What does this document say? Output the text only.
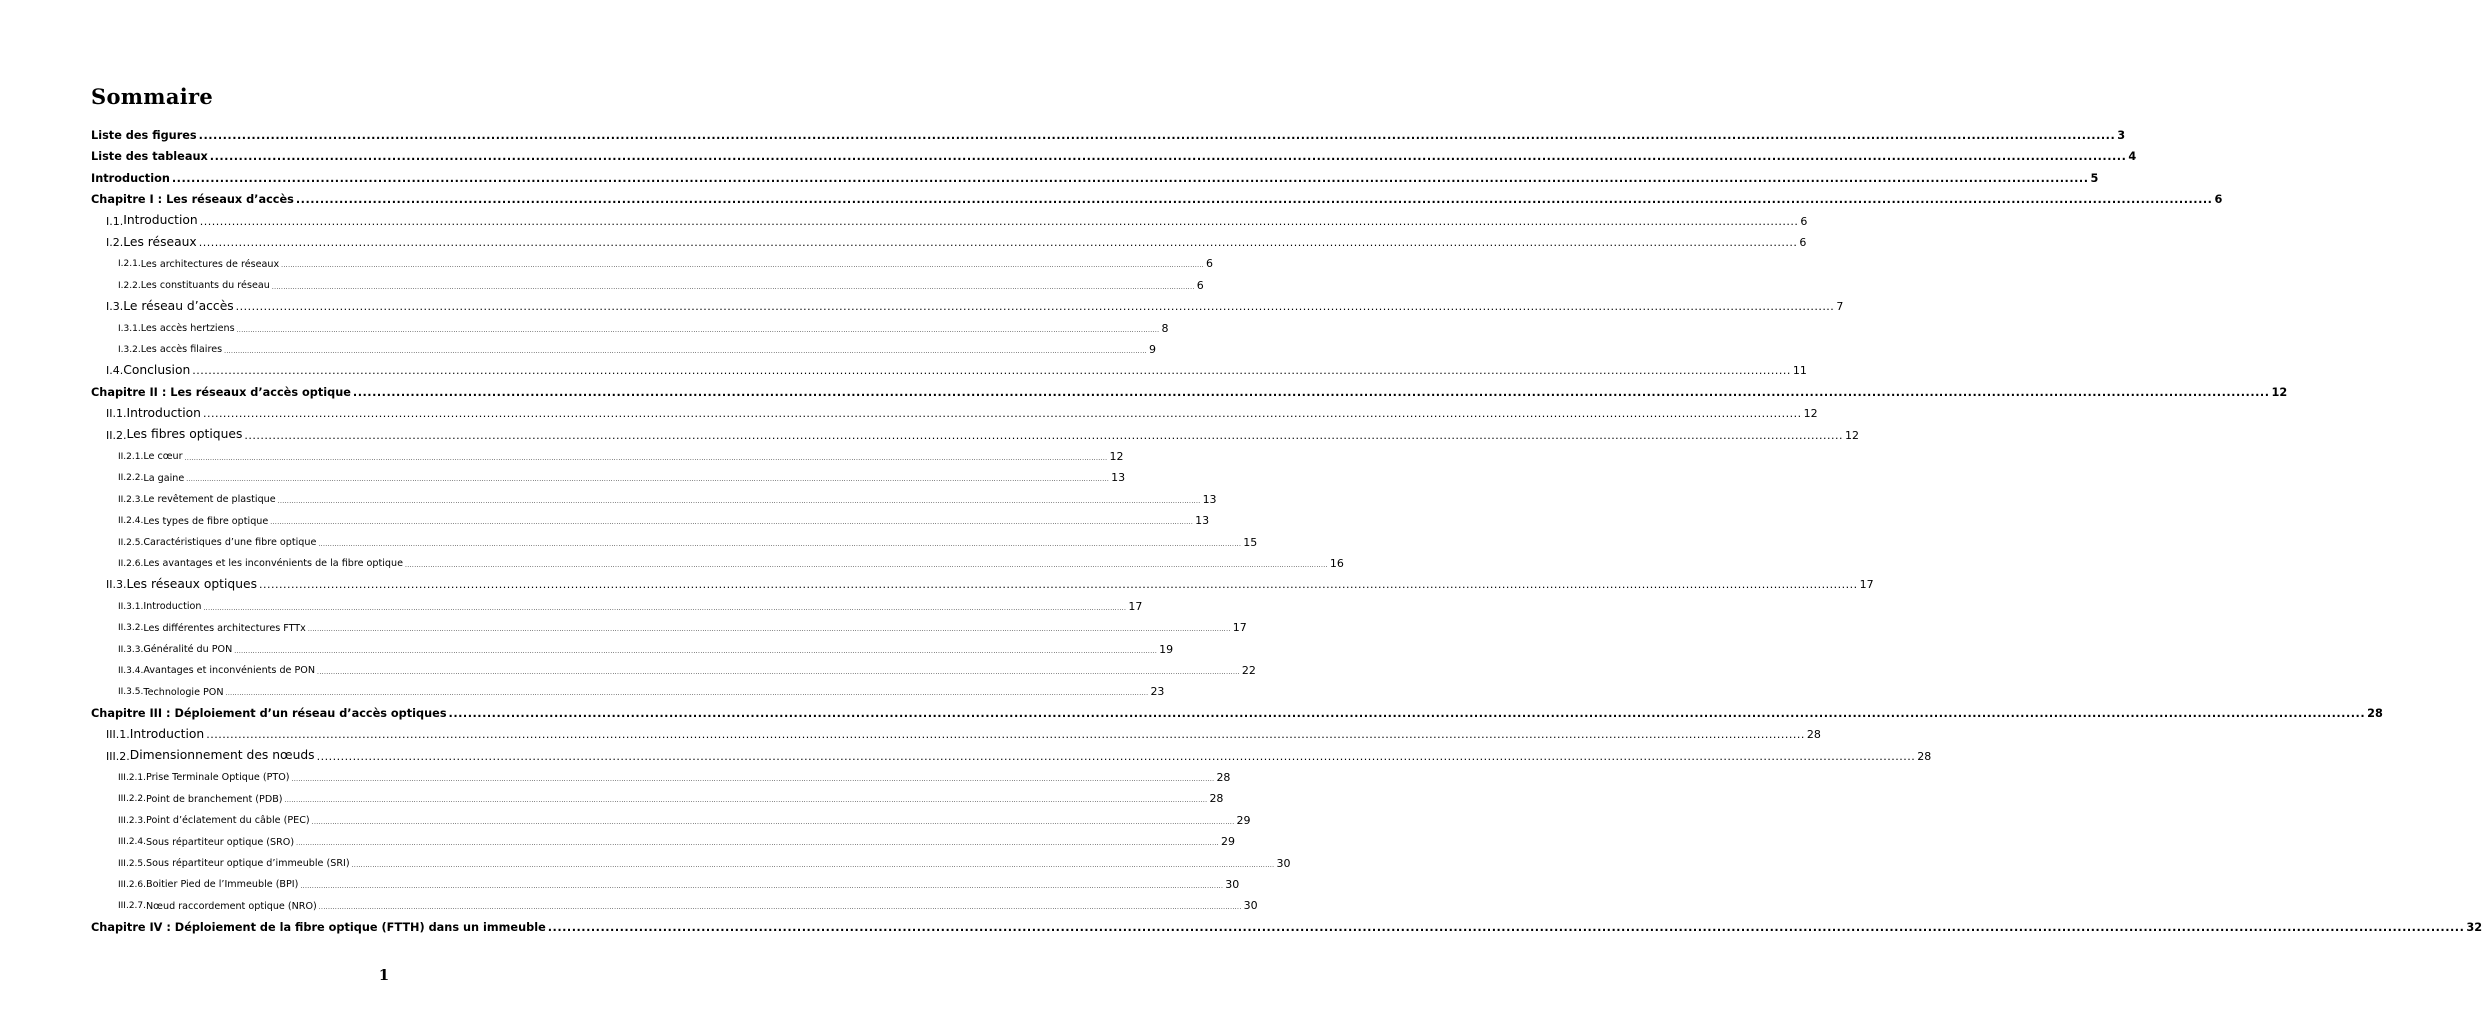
Sommaire
Liste des figures ................................................................................................................................................................................................................................................................................................................................................................................................................ 3
Liste des tableaux ................................................................................................................................................................................................................................................................................................................................................................................................................ 4
Introduction ................................................................................................................................................................................................................................................................................................................................................................................................................ 5
Chapitre I : Les réseaux d’accès ................................................................................................................................................................................................................................................................................................................................................................................................................ 6
I.1. Introduction ................................................................................................................................................................................................................................................................................................................................................................................................................ 6
I.2. Les réseaux ................................................................................................................................................................................................................................................................................................................................................................................................................ 6
I.2.1. Les architectures de réseaux ................................................................................................................................................................................................................................................................................................................................................................................................................ 6
I.2.2. Les constituants du réseau ................................................................................................................................................................................................................................................................................................................................................................................................................ 6
I.3. Le réseau d’accès ................................................................................................................................................................................................................................................................................................................................................................................................................ 7
I.3.1. Les accès hertziens ................................................................................................................................................................................................................................................................................................................................................................................................................ 8
I.3.2. Les accès filaires ................................................................................................................................................................................................................................................................................................................................................................................................................ 9
I.4. Conclusion ................................................................................................................................................................................................................................................................................................................................................................................................................ 11
Chapitre II : Les réseaux d’accès optique ................................................................................................................................................................................................................................................................................................................................................................................................................ 12
II.1. Introduction ................................................................................................................................................................................................................................................................................................................................................................................................................ 12
II.2. Les fibres optiques ................................................................................................................................................................................................................................................................................................................................................................................................................ 12
II.2.1. Le cœur ................................................................................................................................................................................................................................................................................................................................................................................................................ 12
II.2.2. La gaine ................................................................................................................................................................................................................................................................................................................................................................................................................ 13
II.2.3. Le revêtement de plastique ................................................................................................................................................................................................................................................................................................................................................................................................................ 13
II.2.4. Les types de fibre optique ................................................................................................................................................................................................................................................................................................................................................................................................................ 13
II.2.5. Caractéristiques d’une fibre optique ................................................................................................................................................................................................................................................................................................................................................................................................................ 15
II.2.6. Les avantages et les inconvénients de la fibre optique ................................................................................................................................................................................................................................................................................................................................................................................................................ 16
II.3. Les réseaux optiques ................................................................................................................................................................................................................................................................................................................................................................................................................ 17
II.3.1. Introduction ................................................................................................................................................................................................................................................................................................................................................................................................................ 17
II.3.2. Les différentes architectures FTTx ................................................................................................................................................................................................................................................................................................................................................................................................................ 17
II.3.3. Généralité du PON ................................................................................................................................................................................................................................................................................................................................................................................................................ 19
II.3.4. Avantages et inconvénients de PON ................................................................................................................................................................................................................................................................................................................................................................................................................ 22
II.3.5. Technologie PON ................................................................................................................................................................................................................................................................................................................................................................................................................ 23
Chapitre III : Déploiement d’un réseau d’accès optiques ................................................................................................................................................................................................................................................................................................................................................................................................................ 28
III.1. Introduction ................................................................................................................................................................................................................................................................................................................................................................................................................ 28
III.2. Dimensionnement des nœuds ................................................................................................................................................................................................................................................................................................................................................................................................................ 28
III.2.1. Prise Terminale Optique (PTO) ................................................................................................................................................................................................................................................................................................................................................................................................................ 28
III.2.2. Point de branchement (PDB) ................................................................................................................................................................................................................................................................................................................................................................................................................ 28
III.2.3. Point d’éclatement du câble (PEC) ................................................................................................................................................................................................................................................................................................................................................................................................................ 29
III.2.4. Sous répartiteur optique (SRO) ................................................................................................................................................................................................................................................................................................................................................................................................................ 29
III.2.5. Sous répartiteur optique d’immeuble (SRI) ................................................................................................................................................................................................................................................................................................................................................................................................................ 30
III.2.6. Boitier Pied de l’Immeuble (BPI) ................................................................................................................................................................................................................................................................................................................................................................................................................ 30
III.2.7. Nœud raccordement optique (NRO) ................................................................................................................................................................................................................................................................................................................................................................................................................ 30
Chapitre IV : Déploiement de la fibre optique (FTTH) dans un immeuble ................................................................................................................................................................................................................................................................................................................................................................................................................ 32
1
